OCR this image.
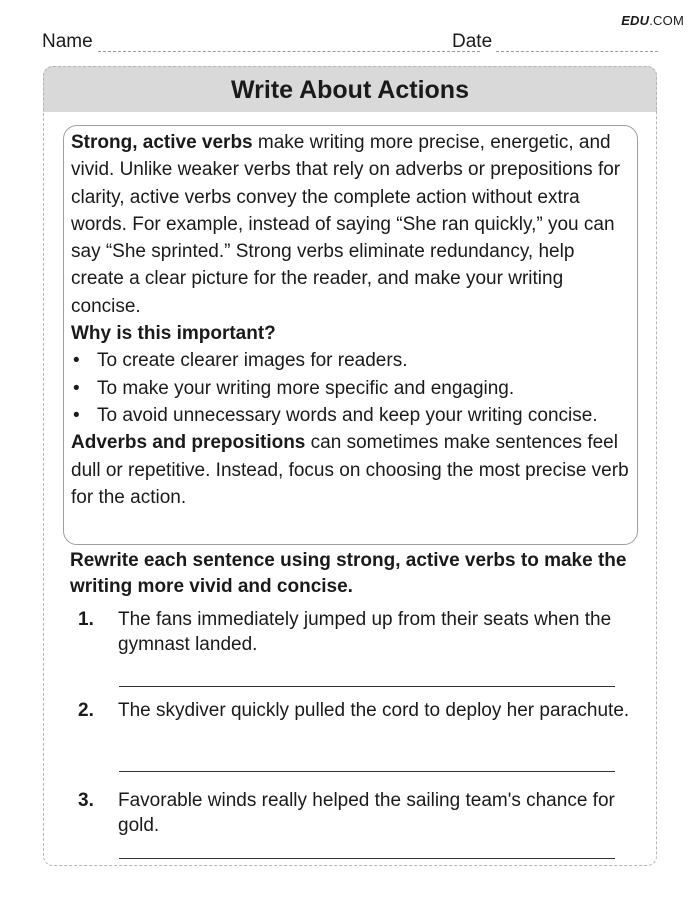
EDU.COM
Name	Date
Write About Actions

Strong, active verbs make writing more precise, energetic, and vivid. Unlike weaker verbs that rely on adverbs or prepositions for clarity, active verbs convey the complete action without extra words. For example, instead of saying “She ran quickly,” you can say “She sprinted.” Strong verbs eliminate redundancy, help create a clear picture for the reader, and make your writing concise.

Why is this important?

• To create clearer images for readers.
• To make your writing more specific and engaging.
• To avoid unnecessary words and keep your writing concise.

Adverbs and prepositions can sometimes make sentences feel dull or repetitive. Instead, focus on choosing the most precise verb for the action.

Rewrite each sentence using strong, active verbs to make the writing more vivid and concise.
1. The fans immediately jumped up from their seats when the gymnast landed.
2. The skydiver quickly pulled the cord to deploy her parachute.
3. Favorable winds really helped the sailing team's chance for gold.
